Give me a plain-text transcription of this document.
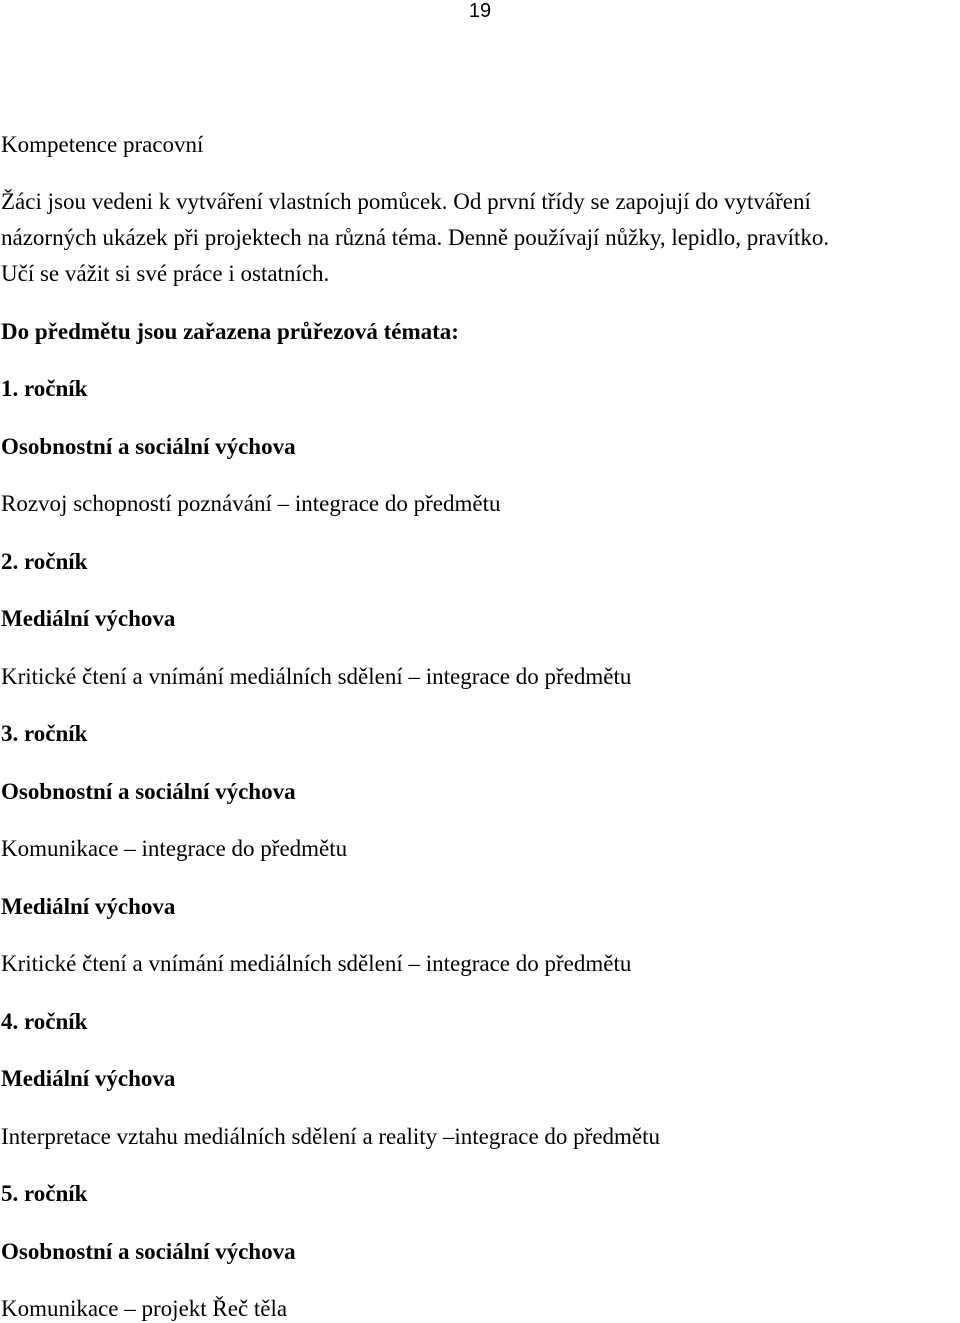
19
Kompetence pracovní
Žáci jsou vedeni k vytváření vlastních pomůcek. Od první třídy se zapojují do vytváření
názorných ukázek při projektech na různá téma. Denně používají nůžky, lepidlo, pravítko.
Učí se vážit si své práce i ostatních.
Do předmětu jsou zařazena průřezová témata:
1. ročník
Osobnostní a sociální výchova
Rozvoj schopností poznávání – integrace do předmětu
2. ročník
Mediální výchova
Kritické čtení a vnímání mediálních sdělení – integrace do předmětu
3. ročník
Osobnostní a sociální výchova
Komunikace – integrace do předmětu
Mediální výchova
Kritické čtení a vnímání mediálních sdělení – integrace do předmětu
4. ročník
Mediální výchova
Interpretace vztahu mediálních sdělení a reality –integrace do předmětu
5. ročník
Osobnostní a sociální výchova
Komunikace – projekt Řeč těla
